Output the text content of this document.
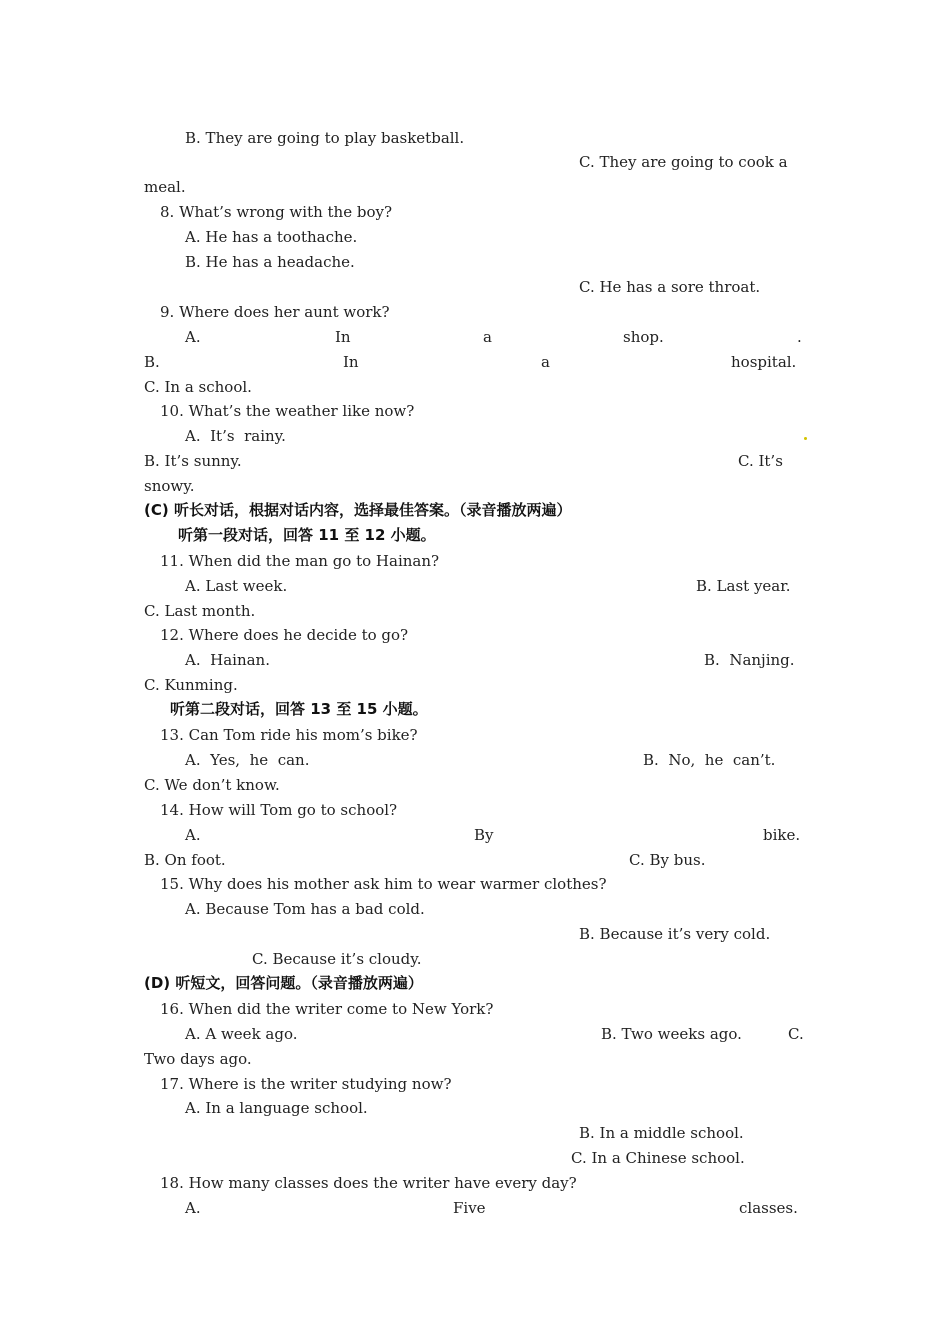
B. They are going to play basketball.
C. They are going to cook a
meal.
8. What’s wrong with the boy?
A. He has a toothache.
B. He has a headache.
C. He has a sore throat.
9. Where does her aunt work?
A.	In	a	shop.	.
B.	In	a	hospital.
C. In a school.
10. What’s the weather like now?
A.  It’s  rainy.
B. It’s sunny.	C. It’s
snowy.
(C) 听长对话，根据对话内容，选择最佳答案。（录音播放两遍）
听第一段对话，回答 11 至 12 小题。
11. When did the man go to Hainan?
A. Last week.	B. Last year.
C. Last month.
12. Where does he decide to go?
A.  Hainan.	B.  Nanjing.
C. Kunming.
听第二段对话，回答 13 至 15 小题。
13. Can Tom ride his mom’s bike?
A.  Yes,  he  can.	B.  No,  he  can’t.
C. We don’t know.
14. How will Tom go to school?
A.	By	bike.
B. On foot.	C. By bus.
15. Why does his mother ask him to wear warmer clothes?
A. Because Tom has a bad cold.
B. Because it’s very cold.
C. Because it’s cloudy.
(D) 听短文，回答问题。（录音播放两遍）
16. When did the writer come to New York?
A. A week ago.	B. Two weeks ago.	C.
Two days ago.
17. Where is the writer studying now?
A. In a language school.
B. In a middle school.
C. In a Chinese school.
18. How many classes does the writer have every day?
A.	Five	classes.
